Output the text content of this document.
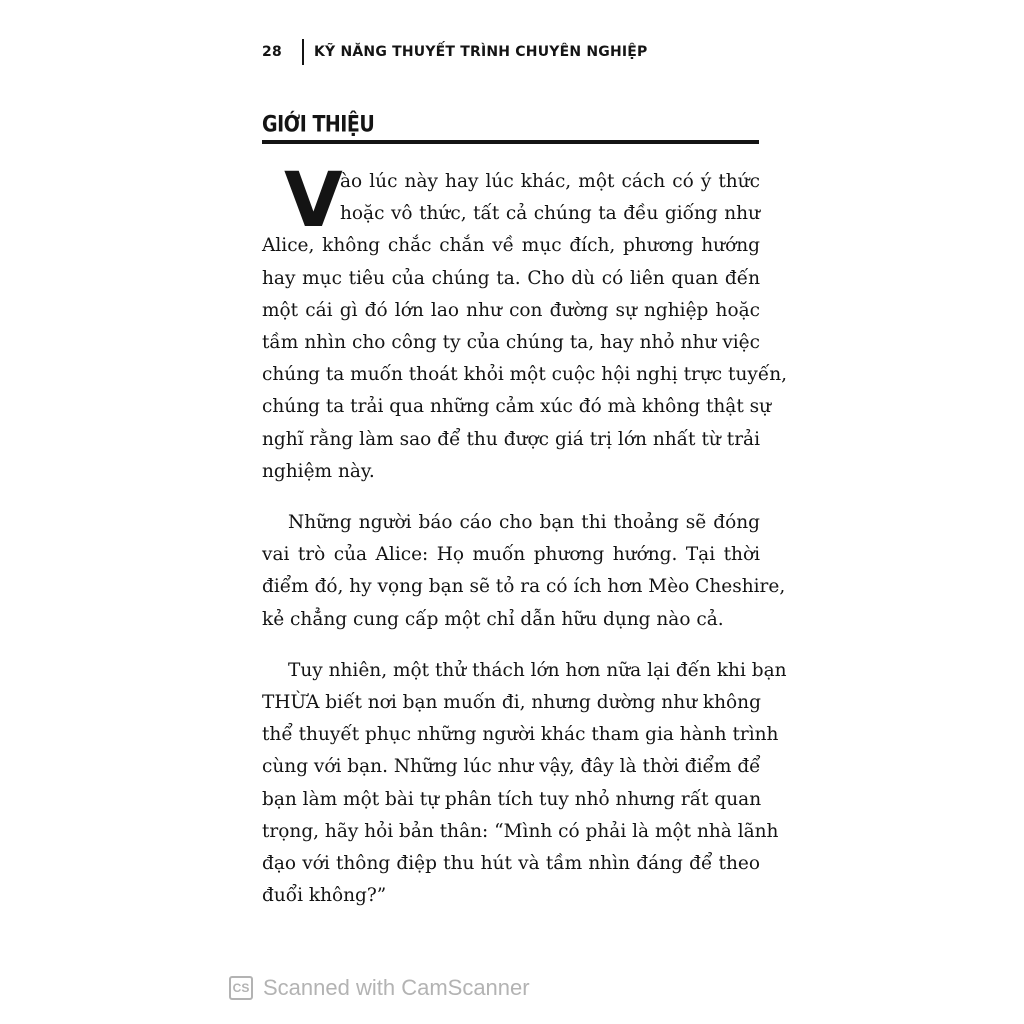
28	KỸ NĂNG THUYẾT TRÌNH CHUYÊN NGHIỆP
GIỚI THIỆU
V
ào lúc này hay lúc khác, một cách có ý thức
hoặc vô thức, tất cả chúng ta đều giống như
Alice, không chắc chắn về mục đích, phương hướng
hay mục tiêu của chúng ta. Cho dù có liên quan đến
một cái gì đó lớn lao như con đường sự nghiệp hoặc
tầm nhìn cho công ty của chúng ta, hay nhỏ như việc
chúng ta muốn thoát khỏi một cuộc hội nghị trực tuyến,
chúng ta trải qua những cảm xúc đó mà không thật sự
nghĩ rằng làm sao để thu được giá trị lớn nhất từ trải
nghiệm này.
Những người báo cáo cho bạn thi thoảng sẽ đóng
vai trò của Alice: Họ muốn phương hướng. Tại thời
điểm đó, hy vọng bạn sẽ tỏ ra có ích hơn Mèo Cheshire,
kẻ chẳng cung cấp một chỉ dẫn hữu dụng nào cả.
Tuy nhiên, một thử thách lớn hơn nữa lại đến khi bạn
THỪA biết nơi bạn muốn đi, nhưng dường như không
thể thuyết phục những người khác tham gia hành trình
cùng với bạn. Những lúc như vậy, đây là thời điểm để
bạn làm một bài tự phân tích tuy nhỏ nhưng rất quan
trọng, hãy hỏi bản thân: “Mình có phải là một nhà lãnh
đạo với thông điệp thu hút và tầm nhìn đáng để theo
đuổi không?”
CS Scanned with CamScanner
